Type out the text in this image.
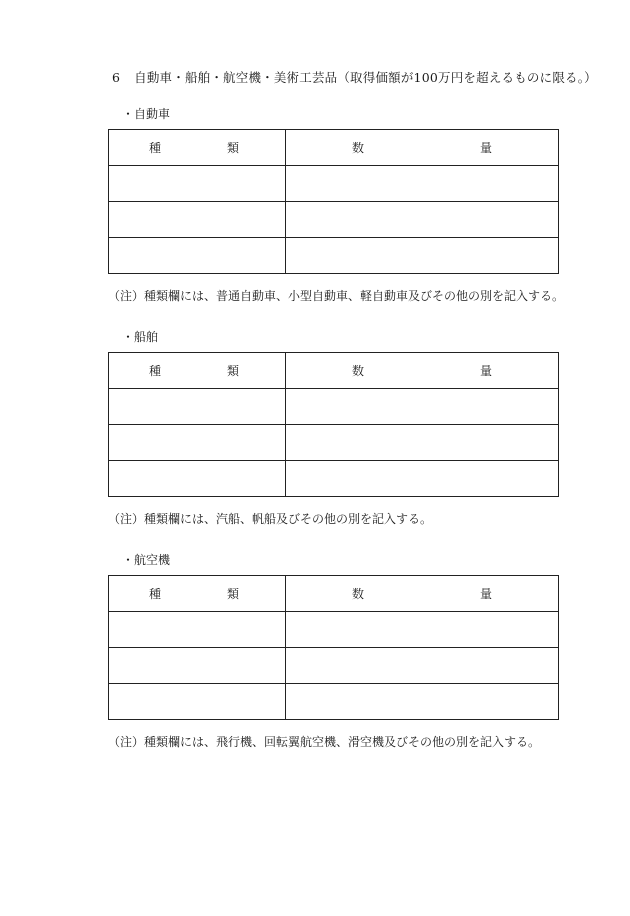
6 自動車・船舶・航空機・美術工芸品（取得価額が100万円を超えるものに限る。）
・自動車
種 類	数 量

（注）種類欄には、普通自動車、小型自動車、軽自動車及びその他の別を記入する。
・船舶
種 類	数 量

（注）種類欄には、汽船、帆船及びその他の別を記入する。
・航空機
種 類	数 量

（注）種類欄には、飛行機、回転翼航空機、滑空機及びその他の別を記入する。
